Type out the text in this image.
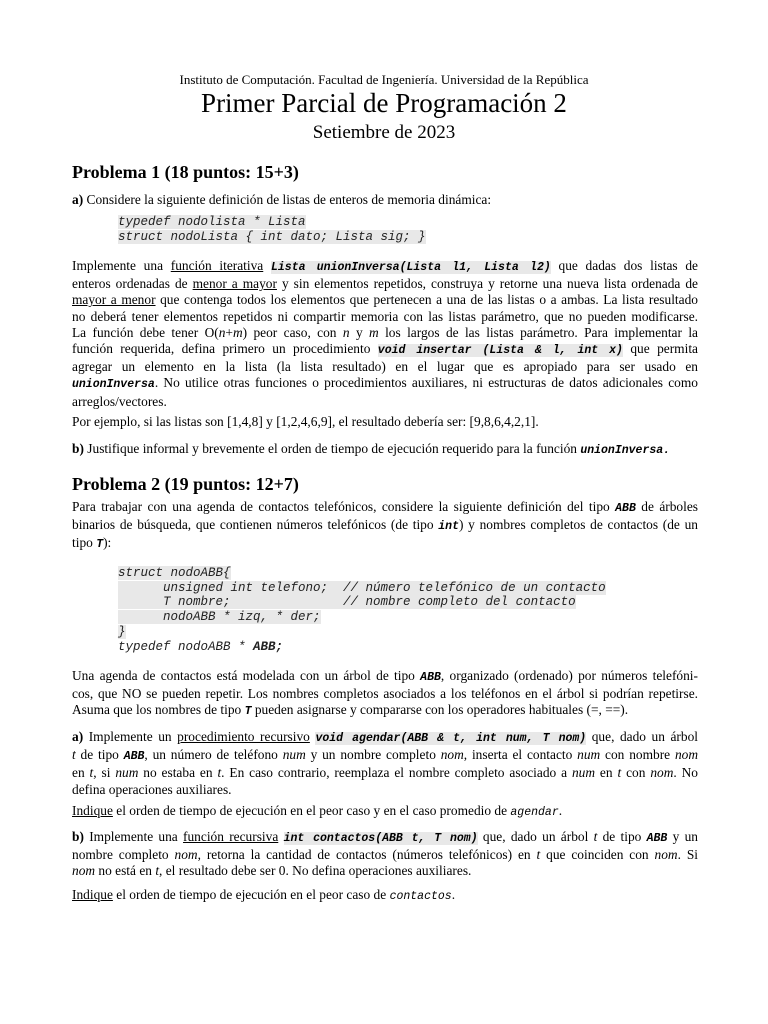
Instituto de Computación. Facultad de Ingeniería. Universidad de la República
Primer Parcial de Programación 2
Setiembre de 2023
Problema 1 (18 puntos: 15+3)

a) Considere la siguiente definición de listas de enteros de memoria dinámica:

typedef nodolista * Lista
struct nodoLista { int dato; Lista sig; }

Implemente una función iterativa Lista unionInversa(Lista l1, Lista l2) que dadas dos listas de
enteros ordenadas de menor a mayor y sin elementos repetidos, construya y retorne una nueva lista ordenada de
mayor a menor que contenga todos los elementos que pertenecen a una de las listas o a ambas. La lista resultado
no deberá tener elementos repetidos ni compartir memoria con las listas parámetro, que no pueden modificarse.
La función debe tener O(n+m) peor caso, con n y m los largos de las listas parámetro. Para implementar la
función requerida, defina primero un procedimiento void insertar (Lista & l, int x) que permita
agregar un elemento en la lista (la lista resultado) en el lugar que es apropiado para ser usado en
unionInversa. No utilice otras funciones o procedimientos auxiliares, ni estructuras de datos adicionales como
arreglos/vectores.

Por ejemplo, si las listas son [1,4,8] y [1,2,4,6,9], el resultado debería ser: [9,8,6,4,2,1].

b) Justifique informal y brevemente el orden de tiempo de ejecución requerido para la función unionInversa.

Problema 2 (19 puntos: 12+7)

Para trabajar con una agenda de contactos telefónicos, considere la siguiente definición del tipo ABB de árboles
binarios de búsqueda, que contienen números telefónicos (de tipo int) y nombres completos de contactos (de un
tipo T):

struct nodoABB{
unsigned int telefono;  // número telefónico de un contacto
T nombre;               // nombre completo del contacto
nodoABB * izq, * der;
}
typedef nodoABB * ABB;

Una agenda de contactos está modelada con un árbol de tipo ABB, organizado (ordenado) por números telefóni-
cos, que NO se pueden repetir. Los nombres completos asociados a los teléfonos en el árbol si podrían repetirse.
Asuma que los nombres de tipo T pueden asignarse y compararse con los operadores habituales (=, ==).

a) Implemente un procedimiento recursivo void agendar(ABB & t, int num, T nom) que, dado un árbol
t de tipo ABB, un número de teléfono num y un nombre completo nom, inserta el contacto num con nombre nom
en t, si num no estaba en t. En caso contrario, reemplaza el nombre completo asociado a num en t con nom. No
defina operaciones auxiliares.

Indique el orden de tiempo de ejecución en el peor caso y en el caso promedio de agendar.

b) Implemente una función recursiva int contactos(ABB t, T nom) que, dado un árbol t de tipo ABB y un
nombre completo nom, retorna la cantidad de contactos (números telefónicos) en t que coinciden con nom. Si
nom no está en t, el resultado debe ser 0. No defina operaciones auxiliares.

Indique el orden de tiempo de ejecución en el peor caso de contactos.
